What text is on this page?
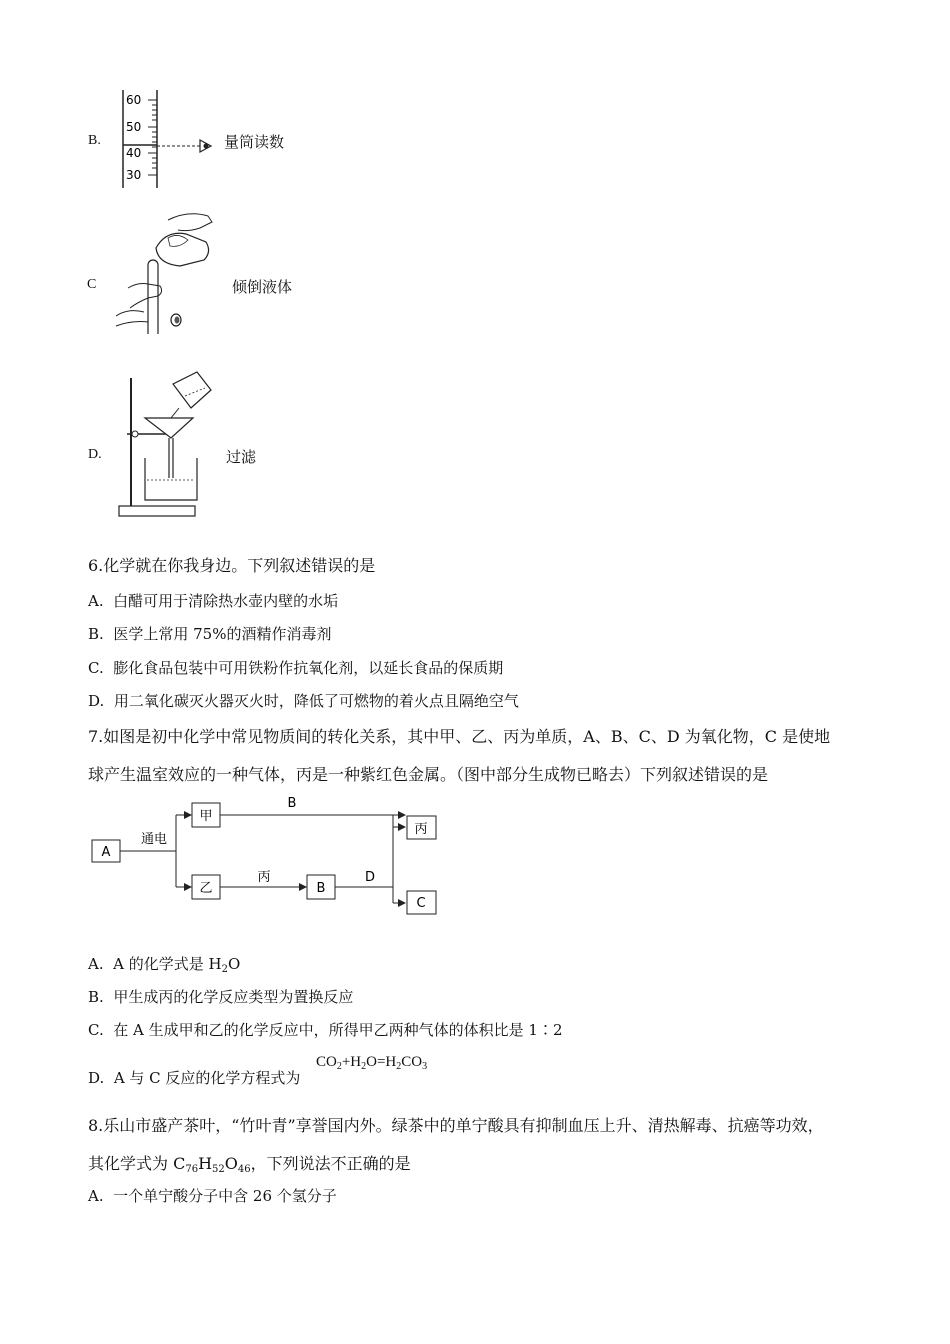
B.
60
50
40
30
量筒读数
C	倾倒液体
D.	过滤
6.化学就在你我身边。下列叙述错误的是
A. 白醋可用于清除热水壶内壁的水垢
B. 医学上常用 75%的酒精作消毒剂
C. 膨化食品包装中可用铁粉作抗氧化剂，以延长食品的保质期
D. 用二氧化碳灭火器灭火时，降低了可燃物的着火点且隔绝空气
7.如图是初中化学中常见物质间的转化关系，其中甲、乙、丙为单质，A、B、C、D 为氧化物，C 是使地
球产生温室效应的一种气体，丙是一种紫红色金属。（图中部分生成物已略去）下列叙述错误的是
A
通电
甲
乙
B
丙
B
D
丙
C
A. A 的化学式是 $H_2O$
B. 甲生成丙的化学反应类型为置换反应
C. 在 A 生成甲和乙的化学反应中，所得甲乙两种气体的体积比是 1∶2
D. A 与 C 反应的化学方程式为
$CO_2+H_2O=H_2CO_3$
8.乐山市盛产茶叶，“竹叶青”享誉国内外。绿茶中的单宁酸具有抑制血压上升、清热解毒、抗癌等功效，
其化学式为 $C_{76}H_{52}O_{46}$，下列说法不正确的是
A. 一个单宁酸分子中含 26 个氢分子
